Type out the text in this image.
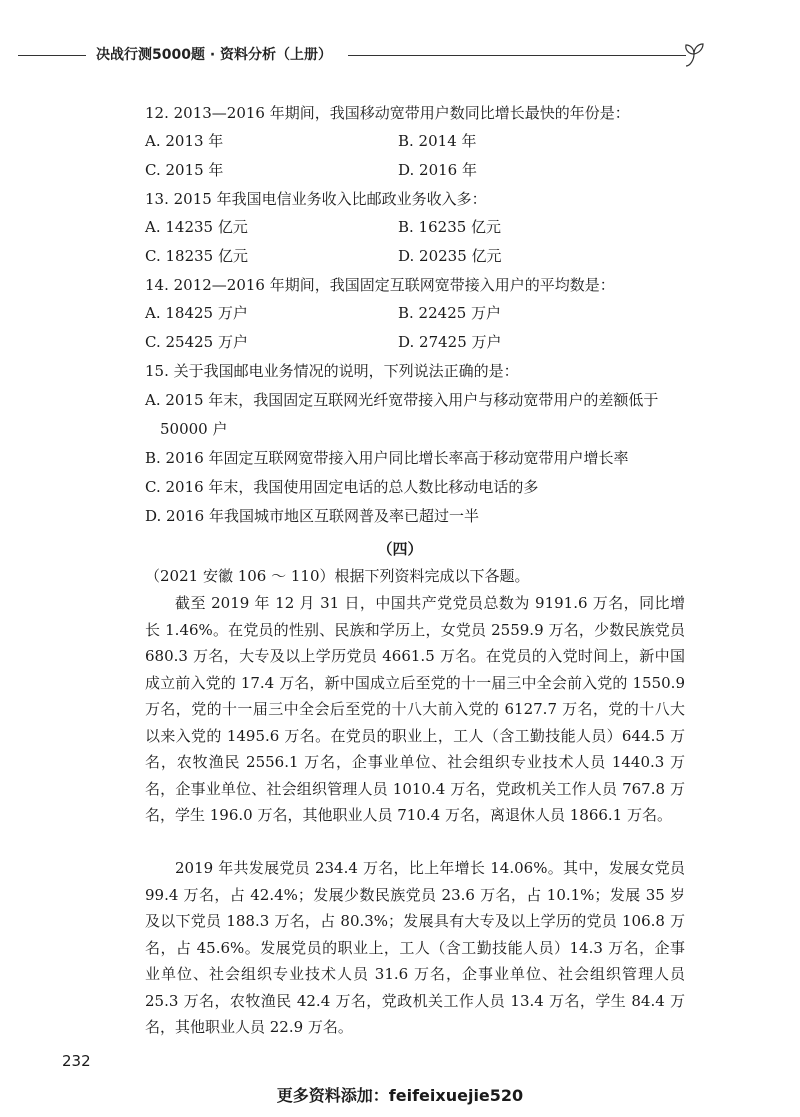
决战行测5000题 · 资料分析（上册）
12. 2013—2016 年期间，我国移动宽带用户数同比增长最快的年份是：
A. 2013 年	B. 2014 年
C. 2015 年	D. 2016 年
13. 2015 年我国电信业务收入比邮政业务收入多：
A. 14235 亿元	B. 16235 亿元
C. 18235 亿元	D. 20235 亿元
14. 2012—2016 年期间，我国固定互联网宽带接入用户的平均数是：
A. 18425 万户	B. 22425 万户
C. 25425 万户	D. 27425 万户
15. 关于我国邮电业务情况的说明，下列说法正确的是：
A. 2015 年末，我国固定互联网光纤宽带接入用户与移动宽带用户的差额低于
50000 户
B. 2016 年固定互联网宽带接入用户同比增长率高于移动宽带用户增长率
C. 2016 年末，我国使用固定电话的总人数比移动电话的多
D. 2016 年我国城市地区互联网普及率已超过一半
（四）
（2021 安徽 106 ～ 110）根据下列资料完成以下各题。
截至 2019 年 12 月 31 日，中国共产党党员总数为 9191.6 万名，同比增长 1.46%。在党员的性别、民族和学历上，女党员 2559.9 万名，少数民族党员 680.3 万名，大专及以上学历党员 4661.5 万名。在党员的入党时间上，新中国成立前入党的 17.4 万名，新中国成立后至党的十一届三中全会前入党的 1550.9 万名，党的十一届三中全会后至党的十八大前入党的 6127.7 万名，党的十八大以来入党的 1495.6 万名。在党员的职业上，工人（含工勤技能人员）644.5 万名，农牧渔民 2556.1 万名，企事业单位、社会组织专业技术人员 1440.3 万名，企事业单位、社会组织管理人员 1010.4 万名，党政机关工作人员 767.8 万名，学生 196.0 万名，其他职业人员 710.4 万名，离退休人员 1866.1 万名。
2019 年共发展党员 234.4 万名，比上年增长 14.06%。其中，发展女党员 99.4 万名，占 42.4%；发展少数民族党员 23.6 万名，占 10.1%；发展 35 岁及以下党员 188.3 万名，占 80.3%；发展具有大专及以上学历的党员 106.8 万名，占 45.6%。发展党员的职业上，工人（含工勤技能人员）14.3 万名，企事业单位、社会组织专业技术人员 31.6 万名，企事业单位、社会组织管理人员 25.3 万名，农牧渔民 42.4 万名，党政机关工作人员 13.4 万名，学生 84.4 万名，其他职业人员 22.9 万名。
232
更多资料添加：feifeixuejie520
